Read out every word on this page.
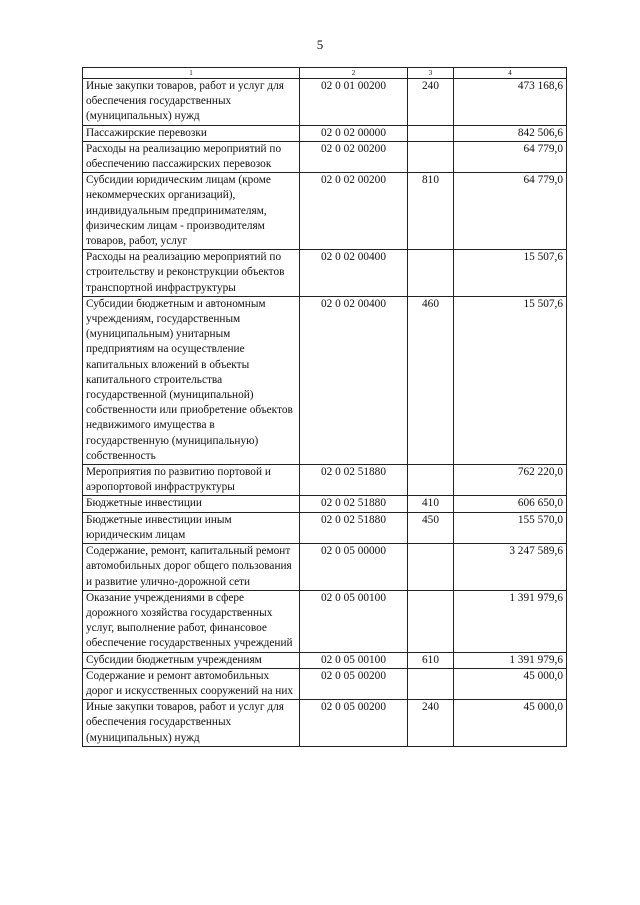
5
1	2	3	4
Иные закупки товаров, работ и услуг для обеспечения государственных (муниципальных) нужд	02 0 01 00200	240	473 168,6
Пассажирские перевозки	02 0 02 00000		842 506,6
Расходы на реализацию мероприятий по обеспечению пассажирских перевозок	02 0 02 00200		64 779,0
Субсидии юридическим лицам (кроме некоммерческих организаций), индивидуальным предпринимателям, физическим лицам - производителям товаров, работ, услуг	02 0 02 00200	810	64 779,0
Расходы на реализацию мероприятий по строительству и реконструкции объектов транспортной инфраструктуры	02 0 02 00400		15 507,6
Субсидии бюджетным и автономным учреждениям, государственным (муниципальным) унитарным предприятиям на осуществление капитальных вложений в объекты капитального строительства государственной (муниципальной) собственности или приобретение объектов недвижимого имущества в государственную (муниципальную) собственность	02 0 02 00400	460	15 507,6
Мероприятия по развитию портовой и аэропортовой инфраструктуры	02 0 02 51880		762 220,0
Бюджетные инвестиции	02 0 02 51880	410	606 650,0
Бюджетные инвестиции иным юридическим лицам	02 0 02 51880	450	155 570,0
Содержание, ремонт, капитальный ремонт автомобильных дорог общего пользования и развитие улично-дорожной сети	02 0 05 00000		3 247 589,6
Оказание учреждениями в сфере дорожного хозяйства государственных услуг, выполнение работ, финансовое обеспечение государственных учреждений	02 0 05 00100		1 391 979,6
Субсидии бюджетным учреждениям	02 0 05 00100	610	1 391 979,6
Содержание и ремонт автомобильных дорог и искусственных сооружений на них	02 0 05 00200		45 000,0
Иные закупки товаров, работ и услуг для обеспечения государственных (муниципальных) нужд	02 0 05 00200	240	45 000,0
